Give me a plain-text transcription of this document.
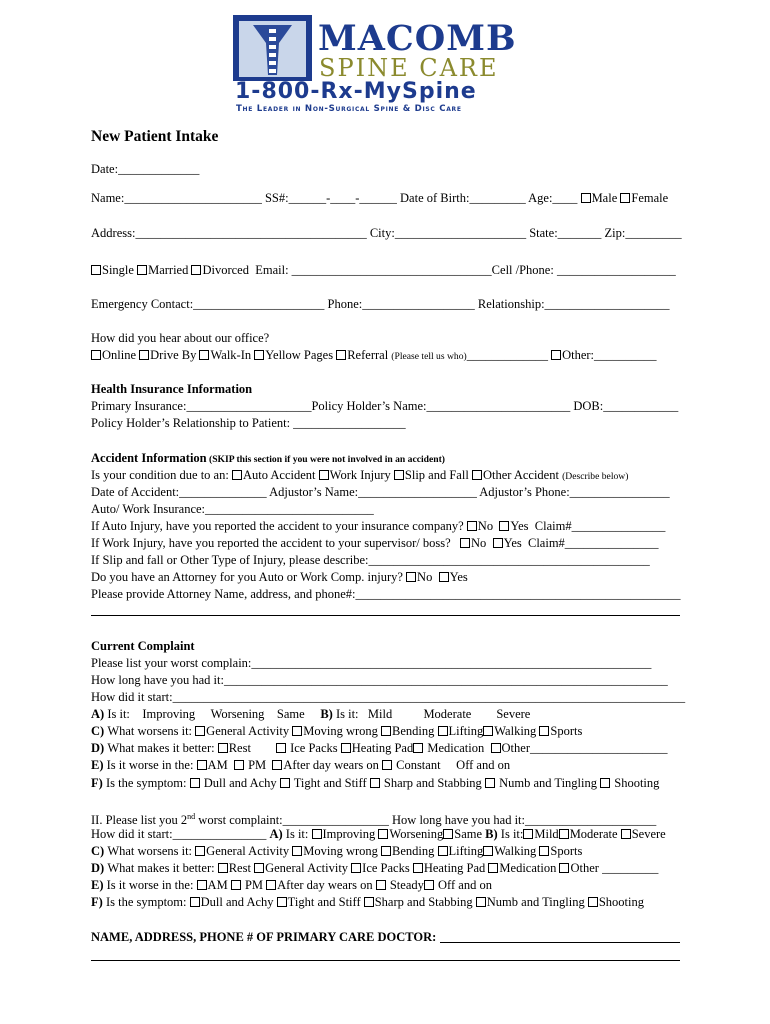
MACOMB
SPINE CARE
1-800-Rx-MySpine
The Leader in Non-Surgical Spine & Disc Care
New Patient Intake
Date:_____________
Name:______________________ SS#:______-____-______ Date of Birth:_________ Age:____ Male Female
Address:_____________________________________ City:_____________________ State:_______ Zip:_________
Single Married Divorced  Email: ________________________________Cell /Phone: ___________________
Emergency Contact:_____________________ Phone:__________________ Relationship:____________________
How did you hear about our office?
Online Drive By Walk-In Yellow Pages Referral (Please tell us who)_____________ Other:__________
Health Insurance Information
Primary Insurance:____________________Policy Holder’s Name:_______________________ DOB:____________
Policy Holder’s Relationship to Patient: __________________
Accident Information (SKIP this section if you were not involved in an accident)
Is your condition due to an: Auto Accident Work Injury Slip and Fall Other Accident (Describe below)
Date of Accident:______________ Adjustor’s Name:___________________ Adjustor’s Phone:________________
Auto/ Work Insurance:___________________________
If Auto Injury, have you reported the accident to your insurance company? No  Yes  Claim#_______________
If Work Injury, have you reported the accident to your supervisor/ boss?   No  Yes  Claim#_______________
If Slip and fall or Other Type of Injury, please describe:_____________________________________________
Do you have an Attorney for you Auto or Work Comp. injury? No  Yes
Please provide Attorney Name, address, and phone#:____________________________________________________
Current Complaint
Please list your worst complain:________________________________________________________________
How long have you had it:_______________________________________________________________________
How did it start:__________________________________________________________________________________
A) Is it:    Improving     Worsening    Same     B) Is it:   Mild          Moderate        Severe
C) What worsens it: General Activity Moving wrong Bending Lifting Walking Sports
D) What makes it better: Rest         Ice Packs Heating Pad Medication  Other______________________
E) Is it worse in the: AM   PM  After day wears on  Constant     Off and on
F) Is the symptom:  Dull and Achy  Tight and Stiff  Sharp and Stabbing  Numb and Tingling  Shooting
II. Please list you 2nd worst complaint:_________________ How long have you had it:_____________________
How did it start:_______________ A) Is it: Improving Worsening Same B) Is it: Mild Moderate Severe
C) What worsens it: General Activity Moving wrong Bending Lifting Walking Sports
D) What makes it better: Rest General Activity Ice Packs Heating Pad Medication Other _________
E) Is it worse in the: AM  PM After day wears on  Steady Off and on
F) Is the symptom: Dull and Achy Tight and Stiff Sharp and Stabbing Numb and Tingling Shooting
NAME, ADDRESS, PHONE # OF PRIMARY CARE DOCTOR:
